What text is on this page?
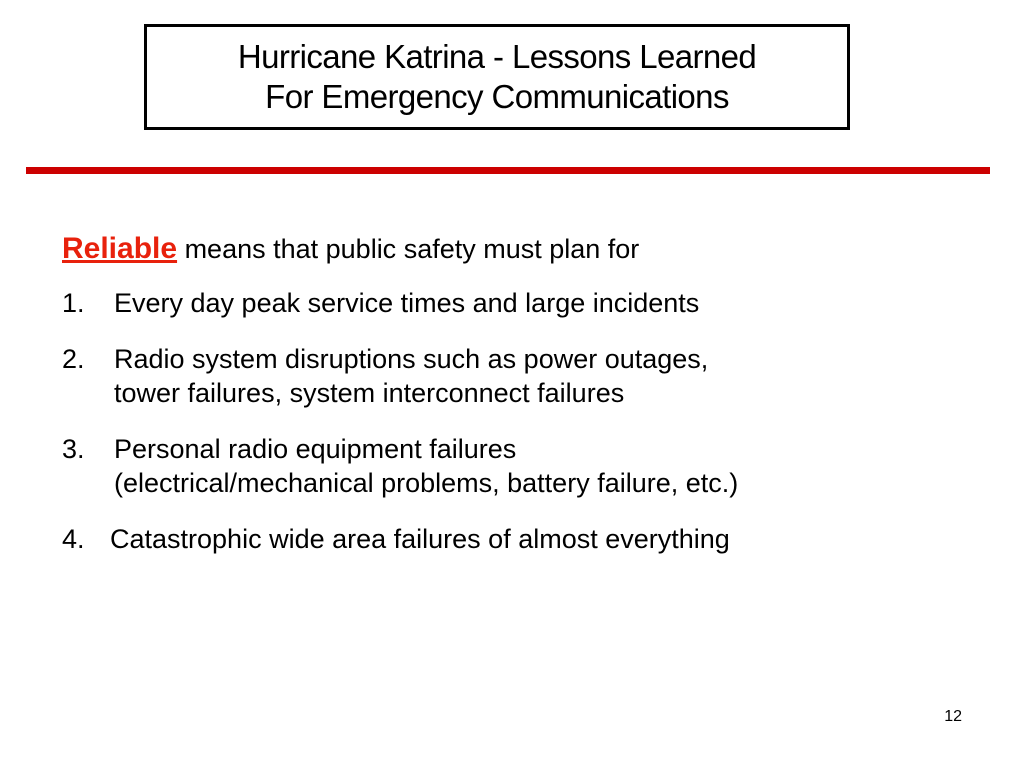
Hurricane Katrina - Lessons Learned
For Emergency Communications
Reliable means that public safety must plan for
1.	Every day peak service times and large incidents
2.	Radio system disruptions such as power outages,
tower failures, system interconnect failures
3.	Personal radio equipment failures
(electrical/mechanical problems, battery failure, etc.)
4. Catastrophic wide area failures of almost everything
12
